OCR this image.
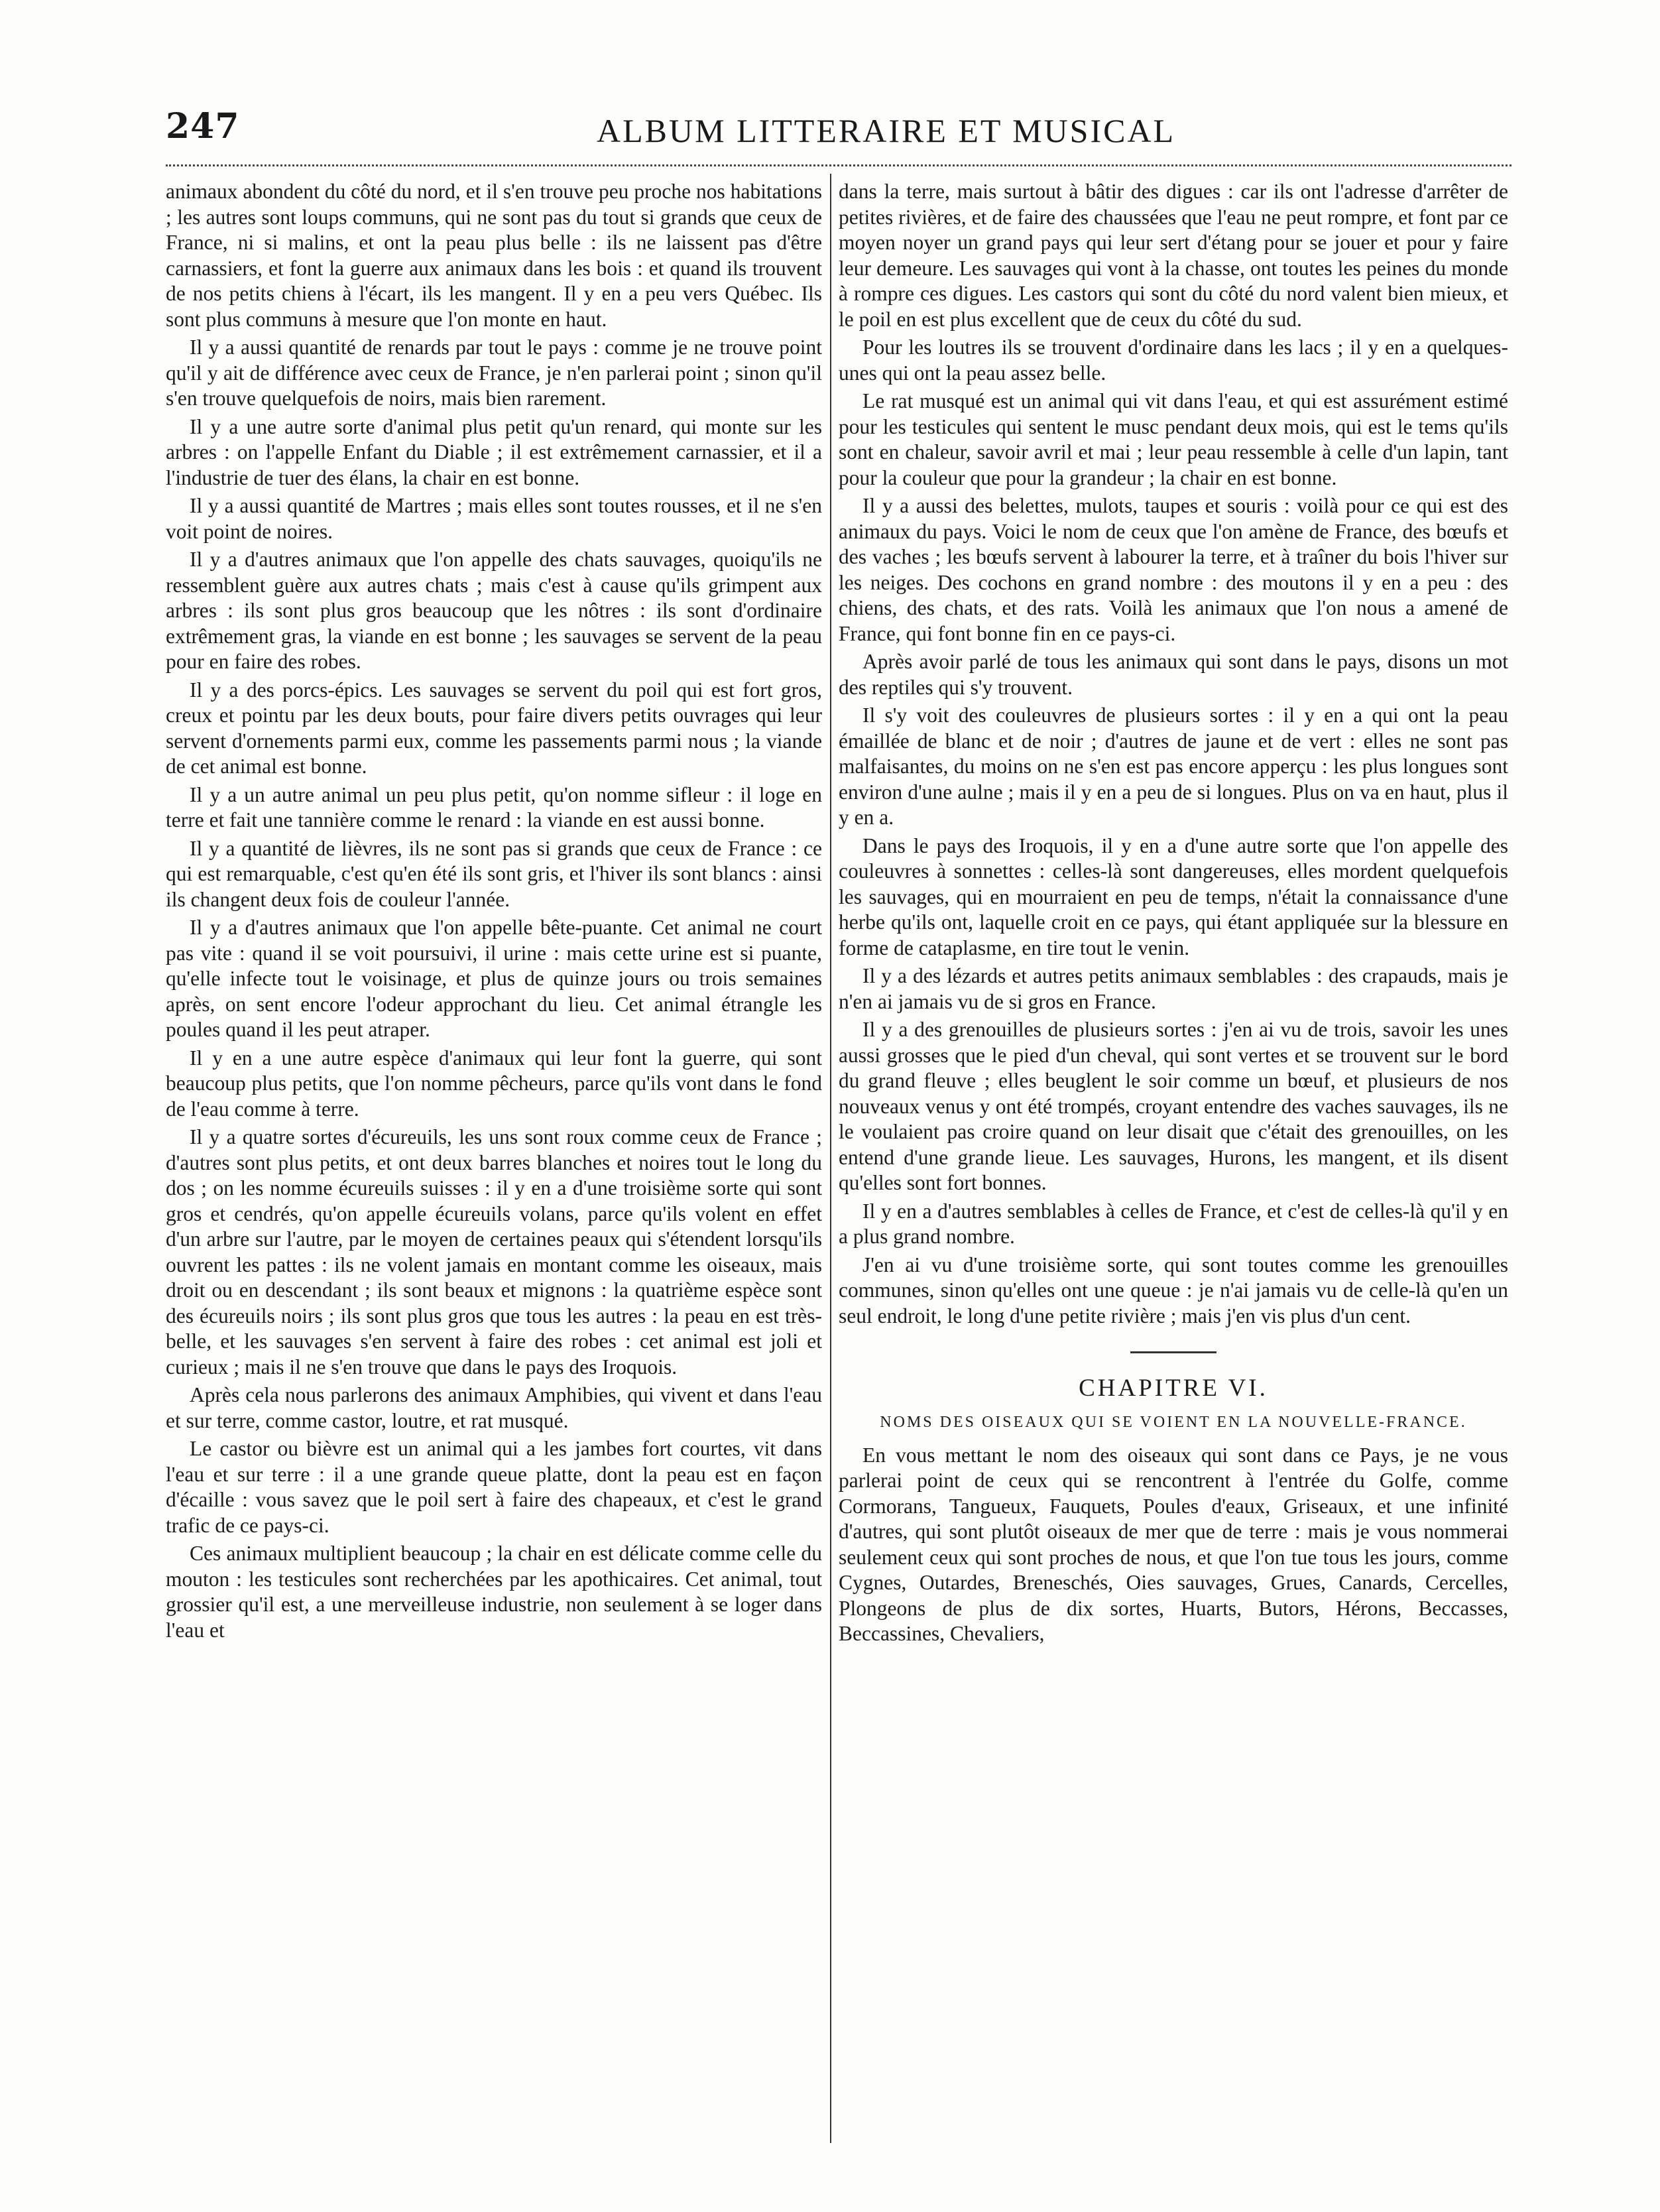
247	ALBUM LITTERAIRE ET MUSICAL

animaux abondent du côté du nord, et il s'en trouve peu proche nos habitations ; les autres sont loups communs, qui ne sont pas du tout si grands que ceux de France, ni si malins, et ont la peau plus belle : ils ne laissent pas d'être carnassiers, et font la guerre aux animaux dans les bois : et quand ils trouvent de nos petits chiens à l'écart, ils les mangent. Il y en a peu vers Québec. Ils sont plus communs à mesure que l'on monte en haut.

Il y a aussi quantité de renards par tout le pays : comme je ne trouve point qu'il y ait de différence avec ceux de France, je n'en parlerai point ; sinon qu'il s'en trouve quelquefois de noirs, mais bien rarement.

Il y a une autre sorte d'animal plus petit qu'un renard, qui monte sur les arbres : on l'appelle Enfant du Diable ; il est extrêmement carnassier, et il a l'industrie de tuer des élans, la chair en est bonne.

Il y a aussi quantité de Martres ; mais elles sont toutes rousses, et il ne s'en voit point de noires.

Il y a d'autres animaux que l'on appelle des chats sauvages, quoiqu'ils ne ressemblent guère aux autres chats ; mais c'est à cause qu'ils grimpent aux arbres : ils sont plus gros beaucoup que les nôtres : ils sont d'ordinaire extrêmement gras, la viande en est bonne ; les sauvages se servent de la peau pour en faire des robes.

Il y a des porcs-épics. Les sauvages se servent du poil qui est fort gros, creux et pointu par les deux bouts, pour faire divers petits ouvrages qui leur servent d'ornements parmi eux, comme les passements parmi nous ; la viande de cet animal est bonne.

Il y a un autre animal un peu plus petit, qu'on nomme sifleur : il loge en terre et fait une tannière comme le renard : la viande en est aussi bonne.

Il y a quantité de lièvres, ils ne sont pas si grands que ceux de France : ce qui est remarquable, c'est qu'en été ils sont gris, et l'hiver ils sont blancs : ainsi ils changent deux fois de couleur l'année.

Il y a d'autres animaux que l'on appelle bête-puante. Cet animal ne court pas vite : quand il se voit poursuivi, il urine : mais cette urine est si puante, qu'elle infecte tout le voisinage, et plus de quinze jours ou trois semaines après, on sent encore l'odeur approchant du lieu. Cet animal étrangle les poules quand il les peut atraper.

Il y en a une autre espèce d'animaux qui leur font la guerre, qui sont beaucoup plus petits, que l'on nomme pêcheurs, parce qu'ils vont dans le fond de l'eau comme à terre.

Il y a quatre sortes d'écureuils, les uns sont roux comme ceux de France ; d'autres sont plus petits, et ont deux barres blanches et noires tout le long du dos ; on les nomme écureuils suisses : il y en a d'une troisième sorte qui sont gros et cendrés, qu'on appelle écureuils volans, parce qu'ils volent en effet d'un arbre sur l'autre, par le moyen de certaines peaux qui s'étendent lorsqu'ils ouvrent les pattes : ils ne volent jamais en montant comme les oiseaux, mais droit ou en descendant ; ils sont beaux et mignons : la quatrième espèce sont des écureuils noirs ; ils sont plus gros que tous les autres : la peau en est très-belle, et les sauvages s'en servent à faire des robes : cet animal est joli et curieux ; mais il ne s'en trouve que dans le pays des Iroquois.

Après cela nous parlerons des animaux Amphibies, qui vivent et dans l'eau et sur terre, comme castor, loutre, et rat musqué.

Le castor ou bièvre est un animal qui a les jambes fort courtes, vit dans l'eau et sur terre : il a une grande queue platte, dont la peau est en façon d'écaille : vous savez que le poil sert à faire des chapeaux, et c'est le grand trafic de ce pays-ci.

Ces animaux multiplient beaucoup ; la chair en est délicate comme celle du mouton : les testicules sont recherchées par les apothicaires. Cet animal, tout grossier qu'il est, a une merveilleuse industrie, non seulement à se loger dans l'eau et

dans la terre, mais surtout à bâtir des digues : car ils ont l'adresse d'arrêter de petites rivières, et de faire des chaussées que l'eau ne peut rompre, et font par ce moyen noyer un grand pays qui leur sert d'étang pour se jouer et pour y faire leur demeure. Les sauvages qui vont à la chasse, ont toutes les peines du monde à rompre ces digues. Les castors qui sont du côté du nord valent bien mieux, et le poil en est plus excellent que de ceux du côté du sud.

Pour les loutres ils se trouvent d'ordinaire dans les lacs ; il y en a quelques-unes qui ont la peau assez belle.

Le rat musqué est un animal qui vit dans l'eau, et qui est assurément estimé pour les testicules qui sentent le musc pendant deux mois, qui est le tems qu'ils sont en chaleur, savoir avril et mai ; leur peau ressemble à celle d'un lapin, tant pour la couleur que pour la grandeur ; la chair en est bonne.

Il y a aussi des belettes, mulots, taupes et souris : voilà pour ce qui est des animaux du pays. Voici le nom de ceux que l'on amène de France, des bœufs et des vaches ; les bœufs servent à labourer la terre, et à traîner du bois l'hiver sur les neiges. Des cochons en grand nombre : des moutons il y en a peu : des chiens, des chats, et des rats. Voilà les animaux que l'on nous a amené de France, qui font bonne fin en ce pays-ci.

Après avoir parlé de tous les animaux qui sont dans le pays, disons un mot des reptiles qui s'y trouvent.

Il s'y voit des couleuvres de plusieurs sortes : il y en a qui ont la peau émaillée de blanc et de noir ; d'autres de jaune et de vert : elles ne sont pas malfaisantes, du moins on ne s'en est pas encore apperçu : les plus longues sont environ d'une aulne ; mais il y en a peu de si longues. Plus on va en haut, plus il y en a.

Dans le pays des Iroquois, il y en a d'une autre sorte que l'on appelle des couleuvres à sonnettes : celles-là sont dangereuses, elles mordent quelquefois les sauvages, qui en mourraient en peu de temps, n'était la connaissance d'une herbe qu'ils ont, laquelle croit en ce pays, qui étant appliquée sur la blessure en forme de cataplasme, en tire tout le venin.

Il y a des lézards et autres petits animaux semblables : des crapauds, mais je n'en ai jamais vu de si gros en France.

Il y a des grenouilles de plusieurs sortes : j'en ai vu de trois, savoir les unes aussi grosses que le pied d'un cheval, qui sont vertes et se trouvent sur le bord du grand fleuve ; elles beuglent le soir comme un bœuf, et plusieurs de nos nouveaux venus y ont été trompés, croyant entendre des vaches sauvages, ils ne le voulaient pas croire quand on leur disait que c'était des grenouilles, on les entend d'une grande lieue. Les sauvages, Hurons, les mangent, et ils disent qu'elles sont fort bonnes.

Il y en a d'autres semblables à celles de France, et c'est de celles-là qu'il y en a plus grand nombre.

J'en ai vu d'une troisième sorte, qui sont toutes comme les grenouilles communes, sinon qu'elles ont une queue : je n'ai jamais vu de celle-là qu'en un seul endroit, le long d'une petite rivière ; mais j'en vis plus d'un cent.

CHAPITRE VI.

NOMS DES OISEAUX QUI SE VOIENT EN LA NOUVELLE-FRANCE.

En vous mettant le nom des oiseaux qui sont dans ce Pays, je ne vous parlerai point de ceux qui se rencontrent à l'entrée du Golfe, comme Cormorans, Tangueux, Fauquets, Poules d'eaux, Griseaux, et une infinité d'autres, qui sont plutôt oiseaux de mer que de terre : mais je vous nommerai seulement ceux qui sont proches de nous, et que l'on tue tous les jours, comme Cygnes, Outardes, Breneschés, Oies sauvages, Grues, Canards, Cercelles, Plongeons de plus de dix sortes, Huarts, Butors, Hérons, Beccasses, Beccassines, Chevaliers,
